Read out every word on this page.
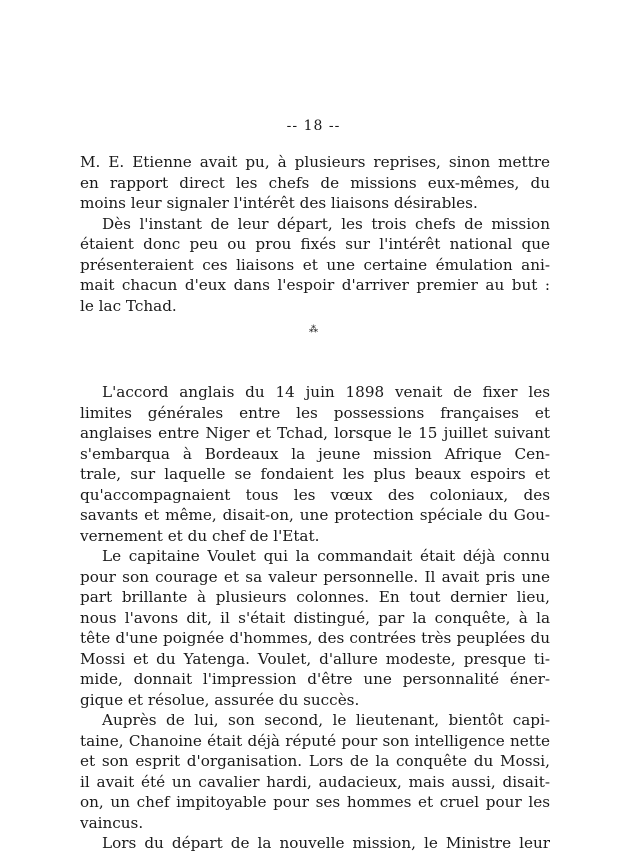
-- 18 --
M. E. Etienne avait pu, à plusieurs reprises, sinon mettre
en rapport direct les chefs de missions eux-mêmes, du
moins leur signaler l'intérêt des liaisons désirables.
Dès l'instant de leur départ, les trois chefs de mission
étaient donc peu ou prou fixés sur l'intérêt national que
présenteraient ces liaisons et une certaine émulation ani-
mait chacun d'eux dans l'espoir d'arriver premier au but :
le lac Tchad.
⁂
L'accord anglais du 14 juin 1898 venait de fixer les
limites générales entre les possessions françaises et
anglaises entre Niger et Tchad, lorsque le 15 juillet suivant
s'embarqua à Bordeaux la jeune mission Afrique Cen-
trale, sur laquelle se fondaient les plus beaux espoirs et
qu'accompagnaient tous les vœux des coloniaux, des
savants et même, disait-on, une protection spéciale du Gou-
vernement et du chef de l'Etat.
Le capitaine Voulet qui la commandait était déjà connu
pour son courage et sa valeur personnelle. Il avait pris une
part brillante à plusieurs colonnes. En tout dernier lieu,
nous l'avons dit, il s'était distingué, par la conquête, à la
tête d'une poignée d'hommes, des contrées très peuplées du
Mossi et du Yatenga. Voulet, d'allure modeste, presque ti-
mide, donnait l'impression d'être une personnalité éner-
gique et résolue, assurée du succès.
Auprès de lui, son second, le lieutenant, bientôt capi-
taine, Chanoine était déjà réputé pour son intelligence nette
et son esprit d'organisation. Lors de la conquête du Mossi,
il avait été un cavalier hardi, audacieux, mais aussi, disait-
on, un chef impitoyable pour ses hommes et cruel pour les
vaincus.
Lors du départ de la nouvelle mission, le Ministre leur
